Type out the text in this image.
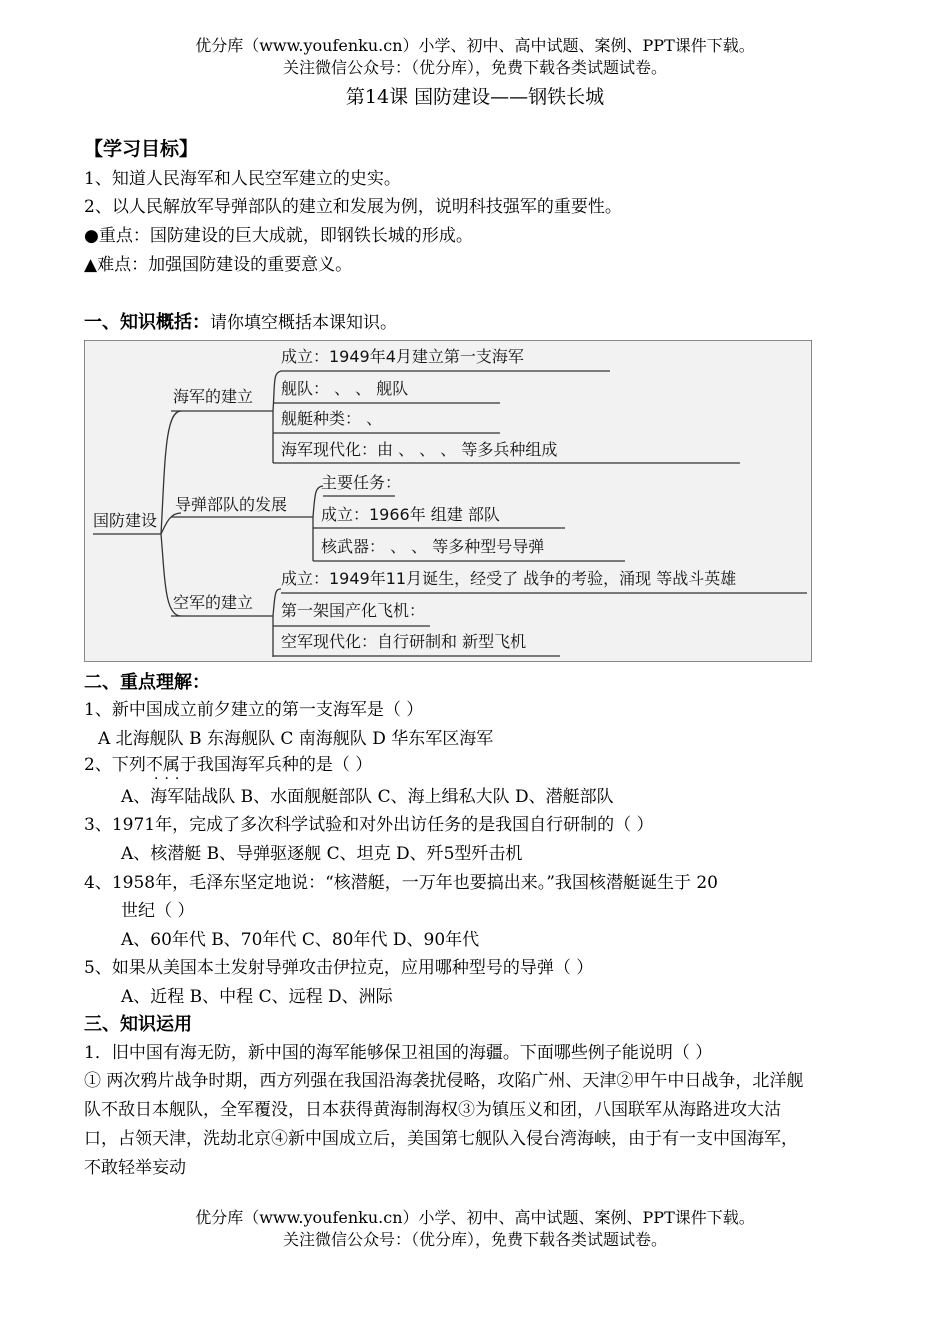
优分库（www.youfenku.cn）小学、初中、高中试题、案例、PPT课件下载。
关注微信公众号：（优分库），免费下载各类试题试卷。
第14课 国防建设——钢铁长城
【学习目标】
1、知道人民海军和人民空军建立的史实。
2、以人民解放军导弹部队的建立和发展为例，说明科技强军的重要性。
●重点：国防建设的巨大成就，即钢铁长城的形成。
▲难点：加强国防建设的重要意义。
一、知识概括：请你填空概括本课知识。
国防建设
海军的建立
导弹部队的发展
空军的建立
成立：1949年4月建立第一支海军
舰队： 、 、 舰队
舰艇种类： 、
海军现代化：由 、 、 、 等多兵种组成
主要任务：
成立：1966年 组建 部队
核武器： 、 、 等多种型号导弹
成立：1949年11月诞生，经受了 战争的考验，涌现 等战斗英雄
第一架国产化飞机：
空军现代化：自行研制和 新型飞机
二、重点理解：
1、新中国成立前夕建立的第一支海军是（ ）
A 北海舰队 B 东海舰队 C 南海舰队 D 华东军区海军
2、下列不属于我国海军兵种的是（ ）
···
A、海军陆战队 B、水面舰艇部队 C、海上缉私大队 D、潜艇部队
3、1971年，完成了多次科学试验和对外出访任务的是我国自行研制的（ ）
A、核潜艇 B、导弹驱逐舰 C、坦克 D、歼5型歼击机
4、1958年，毛泽东坚定地说：“核潜艇，一万年也要搞出来。”我国核潜艇诞生于 20
世纪（ ）
A、60年代 B、70年代 C、80年代 D、90年代
5、如果从美国本土发射导弹攻击伊拉克，应用哪种型号的导弹（ ）
A、近程 B、中程 C、远程 D、洲际
三、知识运用
1．旧中国有海无防，新中国的海军能够保卫祖国的海疆。下面哪些例子能说明（ ）
① 两次鸦片战争时期，西方列强在我国沿海袭扰侵略，攻陷广州、天津②甲午中日战争，北洋舰队不敌日本舰队，全军覆没，日本获得黄海制海权③为镇压义和团，八国联军从海路进攻大沽口，占领天津，洗劫北京④新中国成立后，美国第七舰队入侵台湾海峡，由于有一支中国海军，不敢轻举妄动
优分库（www.youfenku.cn）小学、初中、高中试题、案例、PPT课件下载。
关注微信公众号：（优分库），免费下载各类试题试卷。
